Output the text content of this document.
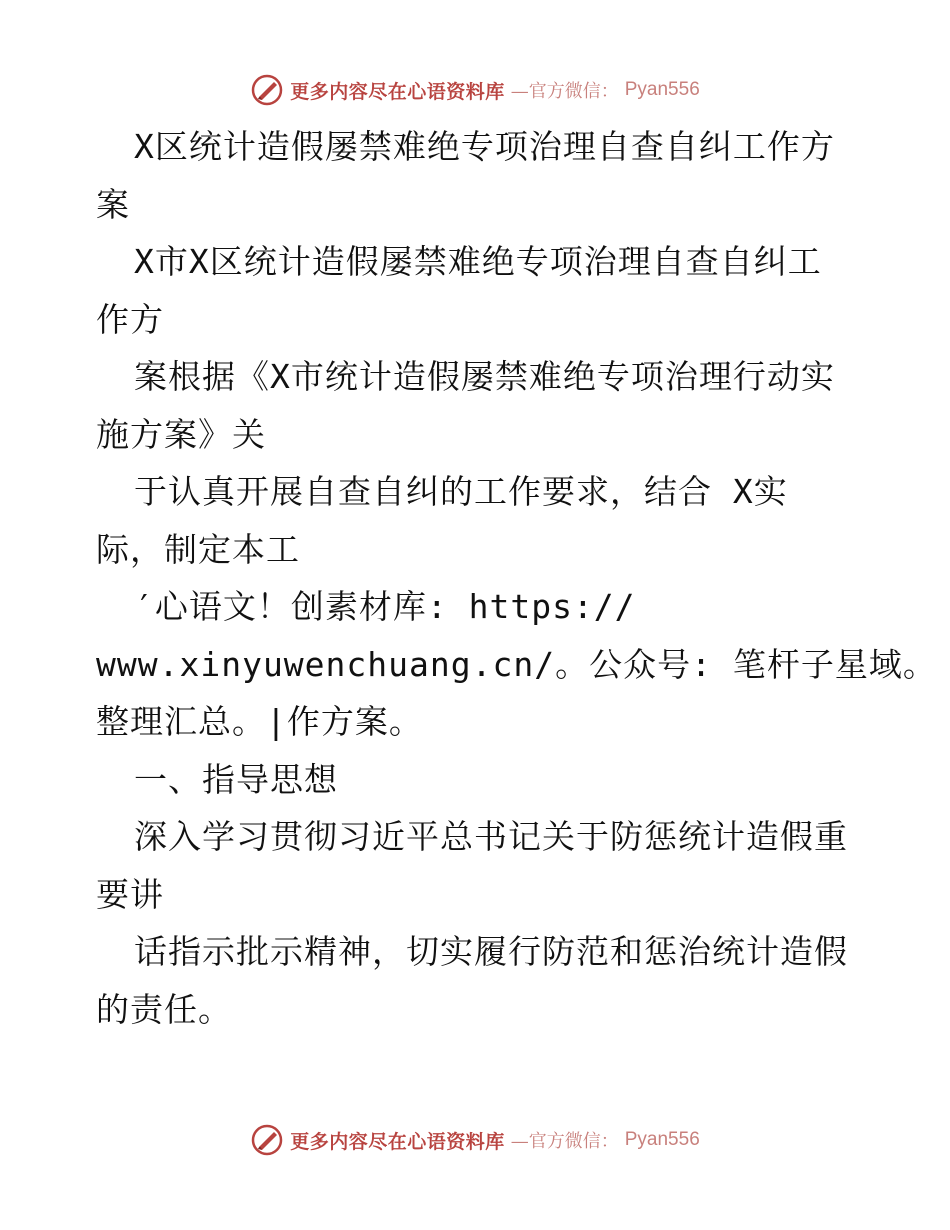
更多内容尽在心语资料库 —官方微信： Pyan556
X区统计造假屡禁难绝专项治理自查自纠工作方
案
X市X区统计造假屡禁难绝专项治理自查自纠工
作方
案根据《X市统计造假屡禁难绝专项治理行动实
施方案》关
于认真开展自查自纠的工作要求，结合 X实
际，制定本工
′心语文！创素材库: https://
www.xinyuwenchuang.cn/。公众号: 笔杆子星域。
整理汇总。|作方案。
一、指导思想
深入学习贯彻习近平总书记关于防惩统计造假重
要讲
话指示批示精神，切实履行防范和惩治统计造假
的责任。
更多内容尽在心语资料库 —官方微信： Pyan556
